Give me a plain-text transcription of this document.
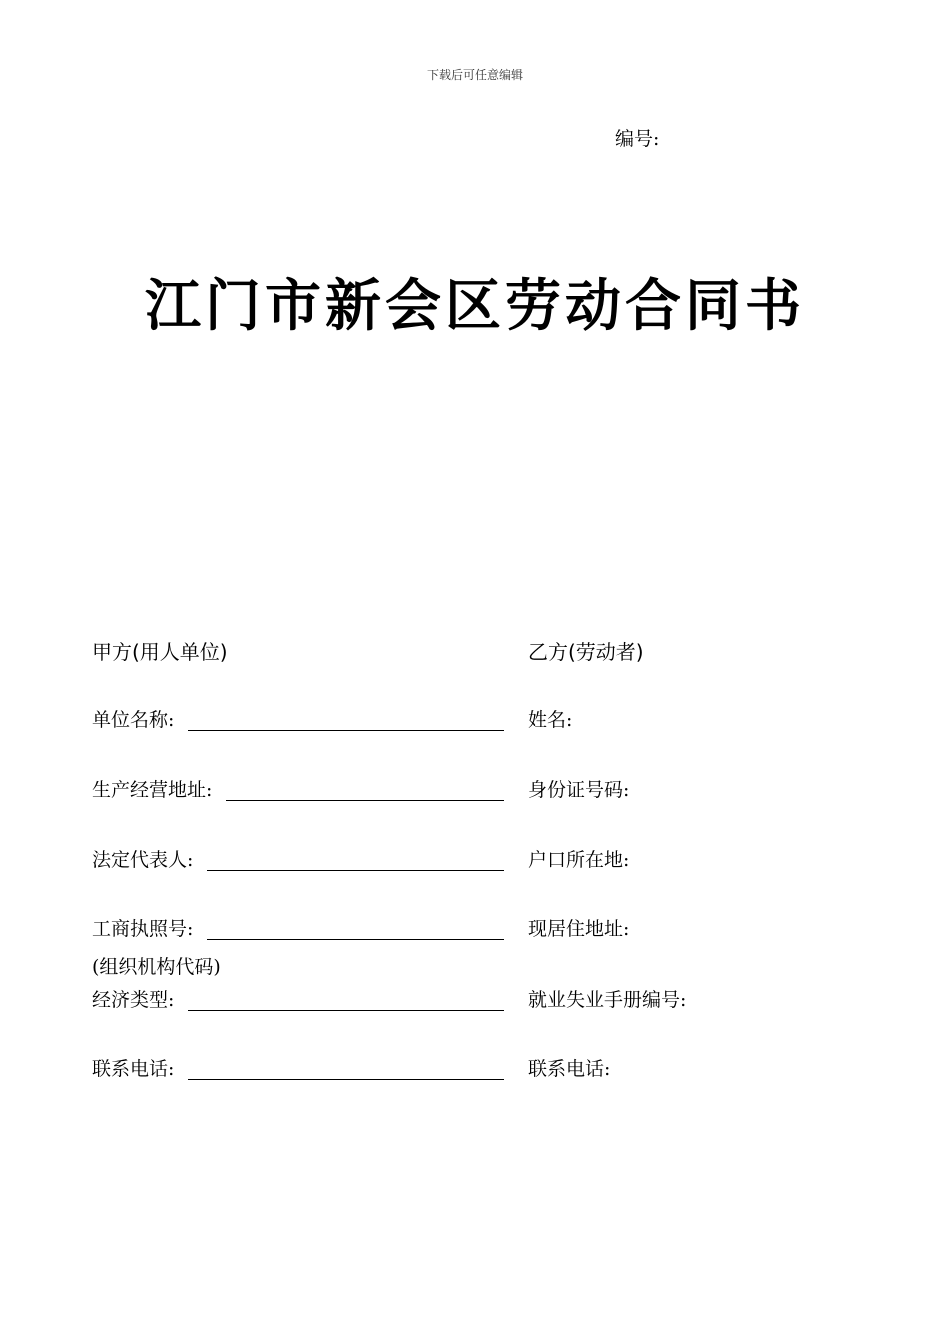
下载后可任意编辑
编号:
江门市新会区劳动合同书
甲方(用人单位)	乙方(劳动者)
单位名称:
生产经营地址:
法定代表人:
工商执照号:
(组织机构代码)
经济类型:
联系电话:
姓名:
身份证号码:
户口所在地:
现居住地址:
就业失业手册编号:
联系电话:
